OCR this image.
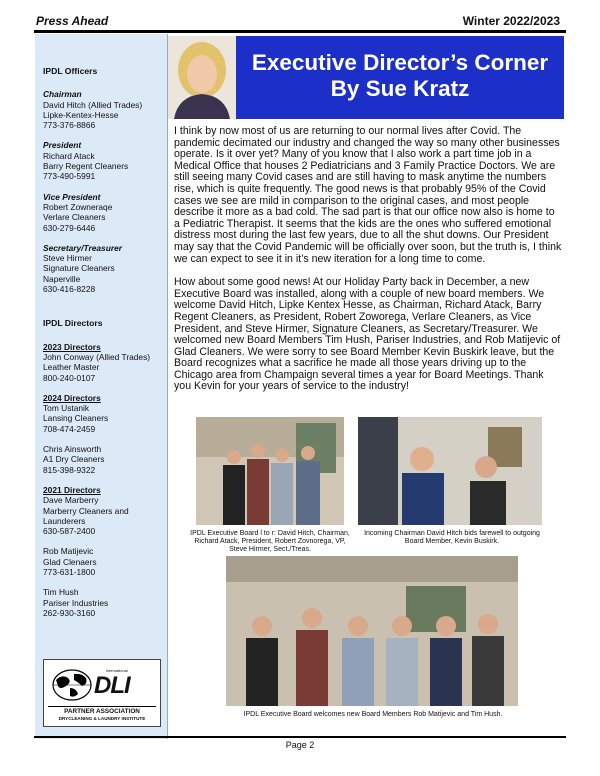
Press Ahead	Winter 2022/2023
IPDL Officers
Chairman
David Hitch (Allied Trades)
Lipke-Kentex-Hesse
773-376-8866
President
Richard Atack
Barry Regent Cleaners
773-490-5991
Vice President
Robert Zowneraqe
Verlare Cleaners
630-279-6446
Secretary/Treasurer
Steve Hirmer
Signature Cleaners
Naperville
630-416-8228
IPDL Directors
2023 Directors
John Conway (Allied Trades)
Leather Master
800-240-0107
2024 Directors
Tom Ustanik
Lansing Cleaners
708-474-2459
Chris Ainsworth
A1 Dry Cleaners
815-398-9322
2021 Directors
Dave Marberry
Marberry Cleaners and
Launderers
630-587-2400
Rob Matijevic
Glad Clenaers
773-631-1800
Tim Hush
Pariser Industries
262-930-3160
DLI
international
PARTNER ASSOCIATION
DRYCLEANING & LAUNDRY INSTITUTE
Executive Director’s Corner
By Sue Kratz

I think by now most of us are returning to our normal lives after Covid. The pandemic decimated our industry and changed the way so many other businesses operate. Is it over yet? Many of you know that I also work a part time job in a Medical Office that houses 2 Pediatricians and 3 Family Practice Doctors. We are still seeing many Covid cases and are still having to mask anytime the numbers rise, which is quite frequently. The good news is that probably 95% of the Covid cases we see are mild in comparison to the original cases, and most people describe it more as a bad cold. The sad part is that our office now also is home to a Pediatric Therapist. It seems that the kids are the ones who suffered emotional distress most during the last few years, due to all the shut downs. Our President may say that the Covid Pandemic will be officially over soon, but the truth is, I think we can expect to see it in it’s new iteration for a long time to come.

How about some good news! At our Holiday Party back in December, a new Executive Board was installed, along with a couple of new board members. We welcome David Hitch, Lipke Kentex Hesse, as Chairman, Richard Atack, Barry Regent Cleaners, as President, Robert Zoworega, Verlare Cleaners, as Vice President, and Steve Hirmer, Signature Cleaners, as Secretary/Treasurer. We welcomed new Board Members Tim Hush, Pariser Industries, and Rob Matijevic of Glad Cleaners. We were sorry to see Board Member Kevin Buskirk leave, but the Board recognizes what a sacrifice he made all those years driving up to the Chicago area from Champaign several times a year for Board Meetings. Thank you Kevin for your years of service to the industry!

IPDL Executive Board l to r: David Hitch, Chairman, Richard Atack, President, Robert Zovnorega, VP, Steve Hirmer, Sect./Treas.
Incoming Chairman David Hitch bids farewell to outgoing Board Member, Kevin Buskirk.
IPDL Executive Board welcomes new Board Members Rob Matijevic and Tim Hush.
Page 2
